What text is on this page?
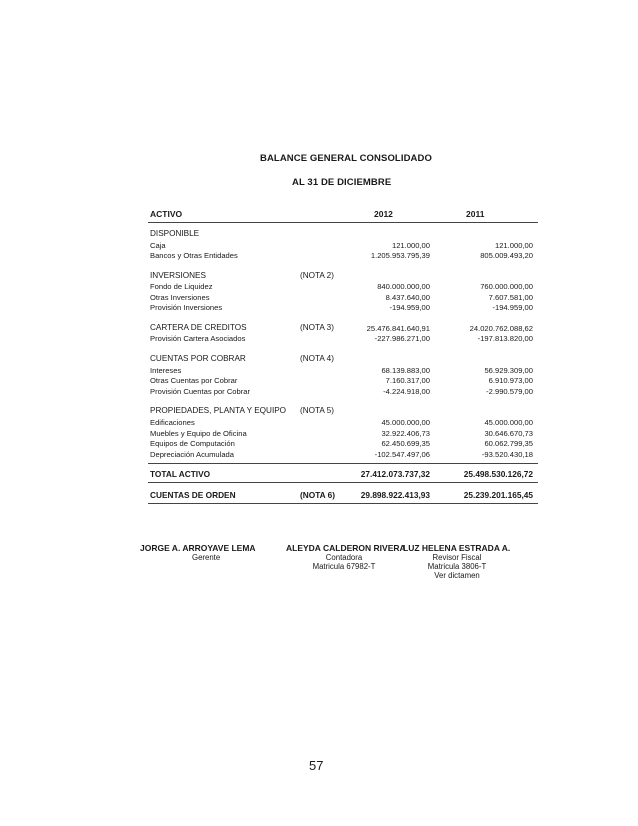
BALANCE GENERAL CONSOLIDADO
AL 31 DE DICIEMBRE
ACTIVO	2012	2011
DISPONIBLE
Caja	121.000,00	121.000,00
Bancos y Otras Entidades	1.205.953.795,39	805.009.493,20
INVERSIONES	(NOTA 2)
Fondo de Liquidez	840.000.000,00	760.000.000,00
Otras Inversiones	8.437.640,00	7.607.581,00
Provisión Inversiones	-194.959,00	-194.959,00
CARTERA DE CREDITOS	(NOTA 3)	25.476.841.640,91	24.020.762.088,62
Provisión Cartera Asociados	-227.986.271,00	-197.813.820,00
CUENTAS POR COBRAR	(NOTA 4)
Intereses	68.139.883,00	56.929.309,00
Otras Cuentas por Cobrar	7.160.317,00	6.910.973,00
Provisión Cuentas por Cobrar	-4.224.918,00	-2.990.579,00
PROPIEDADES, PLANTA Y EQUIPO (NOTA 5)
Edificaciones	45.000.000,00	45.000.000,00
Muebles y Equipo de Oficina	32.922.406,73	30.646.670,73
Equipos de Computación	62.450.699,35	60.062.799,35
Depreciación Acumulada	-102.547.497,06	-93.520.430,18
TOTAL ACTIVO	27.412.073.737,32	25.498.530.126,72
CUENTAS DE ORDEN	(NOTA 6)	29.898.922.413,93	25.239.201.165,45
JORGE A. ARROYAVE LEMA
Gerente
ALEYDA CALDERON RIVERA
Contadora
Matricula 67982-T
LUZ HELENA ESTRADA A.
Revisor Fiscal
Matricula 3806-T
Ver dictamen
57
